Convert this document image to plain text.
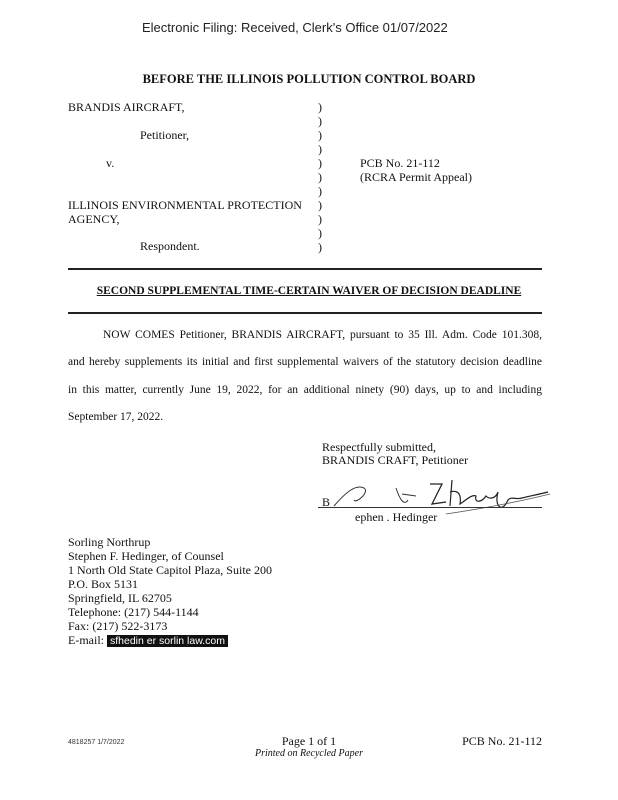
Electronic Filing: Received, Clerk's Office 01/07/2022
BEFORE THE ILLINOIS POLLUTION CONTROL BOARD
BRANDIS AIRCRAFT,
Petitioner,
v.
ILLINOIS ENVIRONMENTAL PROTECTION
AGENCY,
Respondent.
)
)
)
)
)
)
)
)
)
)
)
PCB No. 21-112
(RCRA Permit Appeal)
SECOND SUPPLEMENTAL TIME-CERTAIN WAIVER OF DECISION DEADLINE
NOW COMES Petitioner, BRANDIS AIRCRAFT, pursuant to 35 Ill. Adm. Code 101.308,
and hereby supplements its initial and first supplemental waivers of the statutory decision deadline
in this matter, currently June 19, 2022, for an additional ninety (90) days, up to and including
September 17, 2022.
Respectfully submitted,
BRANDIS CRAFT, Petitioner
B
ephen . Hedinger
Sorling Northrup
Stephen F. Hedinger, of Counsel
1 North Old State Capitol Plaza, Suite 200
P.O. Box 5131
Springfield, IL 62705
Telephone: (217) 544-1144
Fax: (217) 522-3173
E-mail: sfhedin er sorlin law.com
4818257 1/7/2022	Page 1 of 1
Printed on Recycled Paper
PCB No. 21-112
